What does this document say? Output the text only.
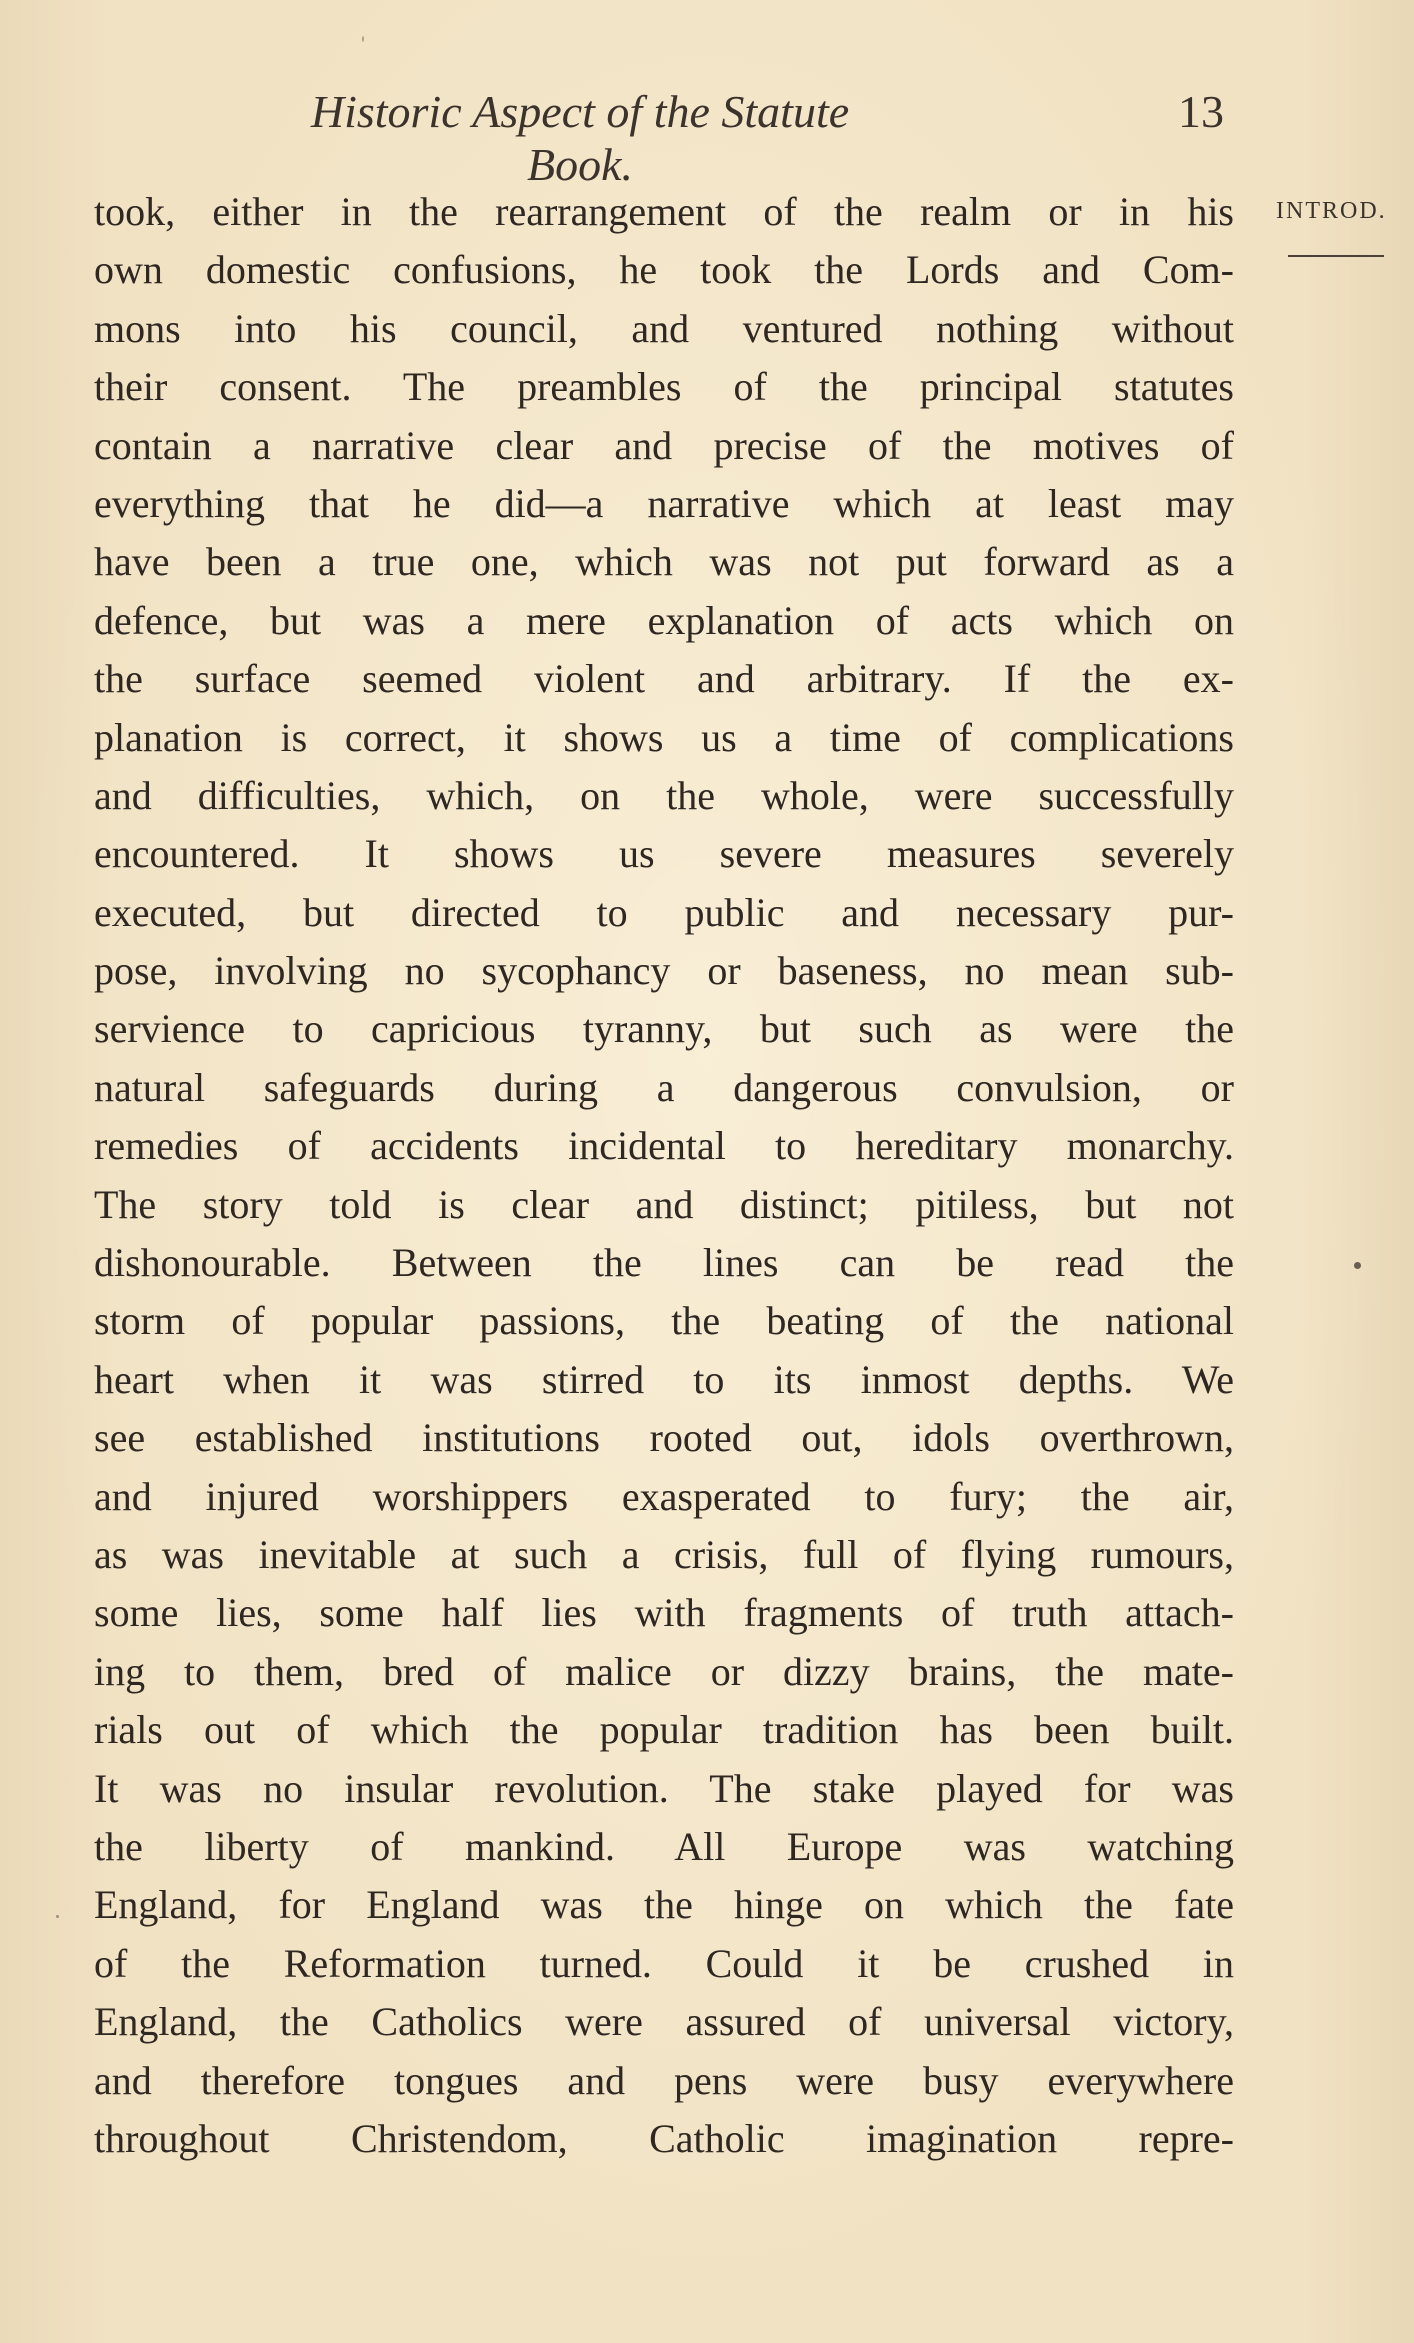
Historic Aspect of the Statute Book.
13
INTROD.
took, either in the rearrangement of the realm or in his
own domestic confusions, he took the Lords and Com-
mons into his council, and ventured nothing without
their consent. The preambles of the principal statutes
contain a narrative clear and precise of the motives of
everything that he did—a narrative which at least may
have been a true one, which was not put forward as a
defence, but was a mere explanation of acts which on
the surface seemed violent and arbitrary. If the ex-
planation is correct, it shows us a time of complications
and difficulties, which, on the whole, were successfully
encountered. It shows us severe measures severely
executed, but directed to public and necessary pur-
pose, involving no sycophancy or baseness, no mean sub-
servience to capricious tyranny, but such as were the
natural safeguards during a dangerous convulsion, or
remedies of accidents incidental to hereditary monarchy.
The story told is clear and distinct; pitiless, but not
dishonourable. Between the lines can be read the
storm of popular passions, the beating of the national
heart when it was stirred to its inmost depths. We
see established institutions rooted out, idols overthrown,
and injured worshippers exasperated to fury; the air,
as was inevitable at such a crisis, full of flying rumours,
some lies, some half lies with fragments of truth attach-
ing to them, bred of malice or dizzy brains, the mate-
rials out of which the popular tradition has been built.
It was no insular revolution. The stake played for was
the liberty of mankind. All Europe was watching
England, for England was the hinge on which the fate
of the Reformation turned. Could it be crushed in
England, the Catholics were assured of universal victory,
and therefore tongues and pens were busy everywhere
throughout Christendom, Catholic imagination repre-
